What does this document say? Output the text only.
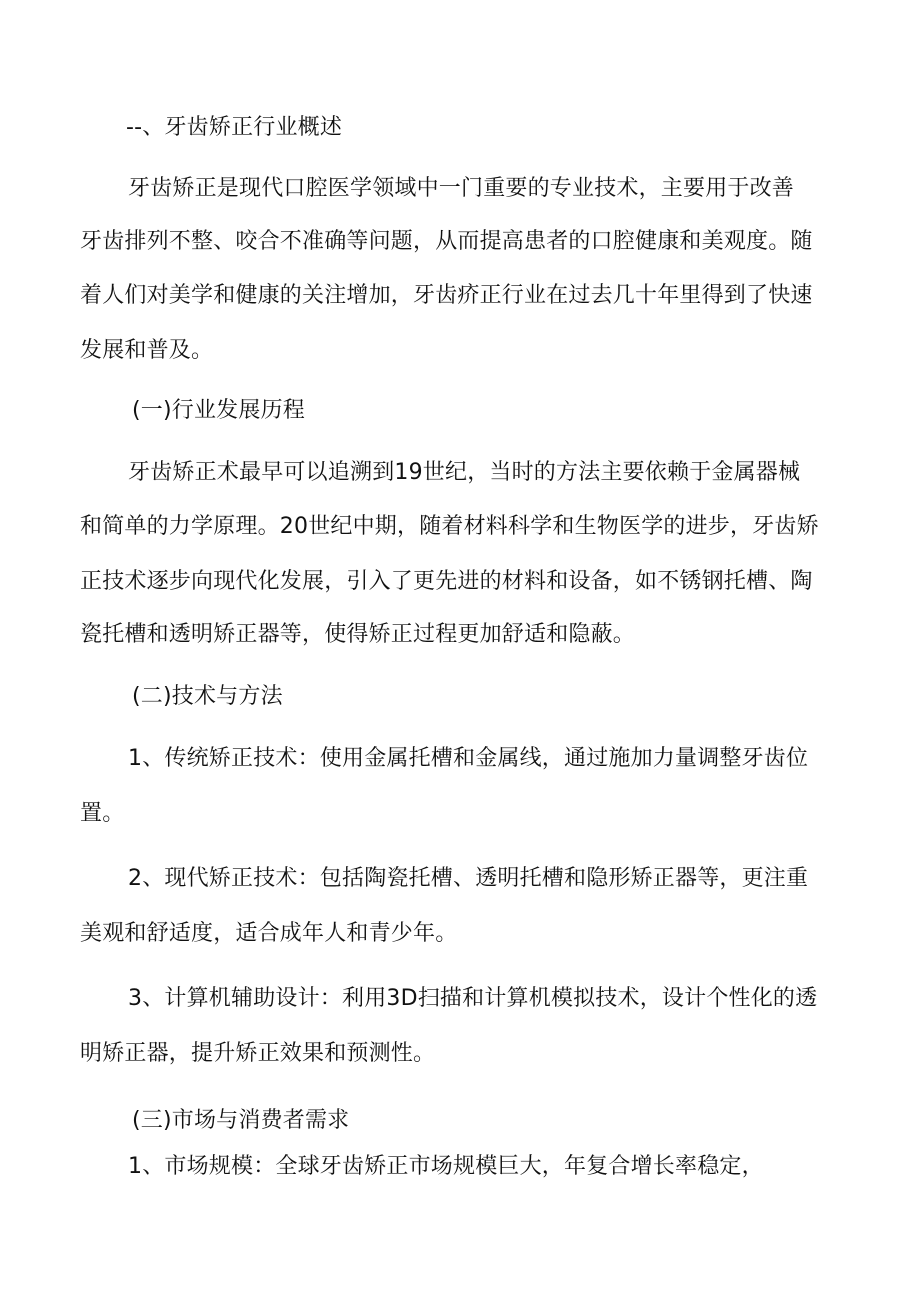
--、牙齿矫正行业概述
牙齿矫正是现代口腔医学领域中一门重要的专业技术，主要用于改善
牙齿排列不整、咬合不准确等问题，从而提高患者的口腔健康和美观度。随
着人们对美学和健康的关注增加，牙齿疥正行业在过去几十年里得到了快速
发展和普及。
(一)行业发展历程
牙齿矫正术最早可以追溯到19世纪，当时的方法主要依赖于金属器械
和简单的力学原理。20世纪中期，随着材料科学和生物医学的进步，牙齿矫
正技术逐步向现代化发展，引入了更先进的材料和设备，如不锈钢托槽、陶
瓷托槽和透明矫正器等，使得矫正过程更加舒适和隐蔽。
(二)技术与方法
1、传统矫正技术：使用金属托槽和金属线，通过施加力量调整牙齿位
置。
2、现代矫正技术：包括陶瓷托槽、透明托槽和隐形矫正器等，更注重
美观和舒适度，适合成年人和青少年。
3、计算机辅助设计：利用3D扫描和计算机模拟技术，设计个性化的透
明矫正器，提升矫正效果和预测性。
(三)市场与消费者需求
1、市场规模：全球牙齿矫正市场规模巨大，年复合增长率稳定，
